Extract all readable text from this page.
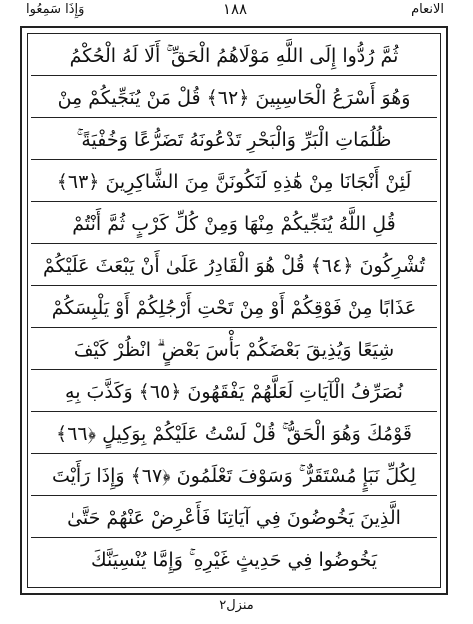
وَإِذَا سَمِعُوا	١٨٨	الانعام
ثُمَّ رُدُّوا إِلَى اللَّهِ مَوْلَاهُمُ الْحَقِّ ۚ أَلَا لَهُ الْحُكْمُ
وَهُوَ أَسْرَعُ الْحَاسِبِينَ ﴿٦٢﴾ قُلْ مَنْ يُنَجِّيكُمْ مِنْ
ظُلُمَاتِ الْبَرِّ وَالْبَحْرِ تَدْعُونَهُ تَضَرُّعًا وَخُفْيَةً ۚ
لَئِنْ أَنْجَانَا مِنْ هَٰذِهِ لَنَكُونَنَّ مِنَ الشَّاكِرِينَ ﴿٦٣﴾
قُلِ اللَّهُ يُنَجِّيكُمْ مِنْهَا وَمِنْ كُلِّ كَرْبٍ ثُمَّ أَنْتُمْ
تُشْرِكُونَ ﴿٦٤﴾ قُلْ هُوَ الْقَادِرُ عَلَىٰ أَنْ يَبْعَثَ عَلَيْكُمْ
عَذَابًا مِنْ فَوْقِكُمْ أَوْ مِنْ تَحْتِ أَرْجُلِكُمْ أَوْ يَلْبِسَكُمْ
شِيَعًا وَيُذِيقَ بَعْضَكُمْ بَأْسَ بَعْضٍ ۗ انْظُرْ كَيْفَ
نُصَرِّفُ الْآيَاتِ لَعَلَّهُمْ يَفْقَهُونَ ﴿٦٥﴾ وَكَذَّبَ بِهِ
قَوْمُكَ وَهُوَ الْحَقُّ ۚ قُلْ لَسْتُ عَلَيْكُمْ بِوَكِيلٍ ﴿٦٦﴾
لِكُلِّ نَبَإٍ مُسْتَقَرٌّ ۚ وَسَوْفَ تَعْلَمُونَ ﴿٦٧﴾ وَإِذَا رَأَيْتَ
الَّذِينَ يَخُوضُونَ فِي آيَاتِنَا فَأَعْرِضْ عَنْهُمْ حَتَّىٰ
يَخُوضُوا فِي حَدِيثٍ غَيْرِهِ ۚ وَإِمَّا يُنْسِيَنَّكَ
منزل٢
